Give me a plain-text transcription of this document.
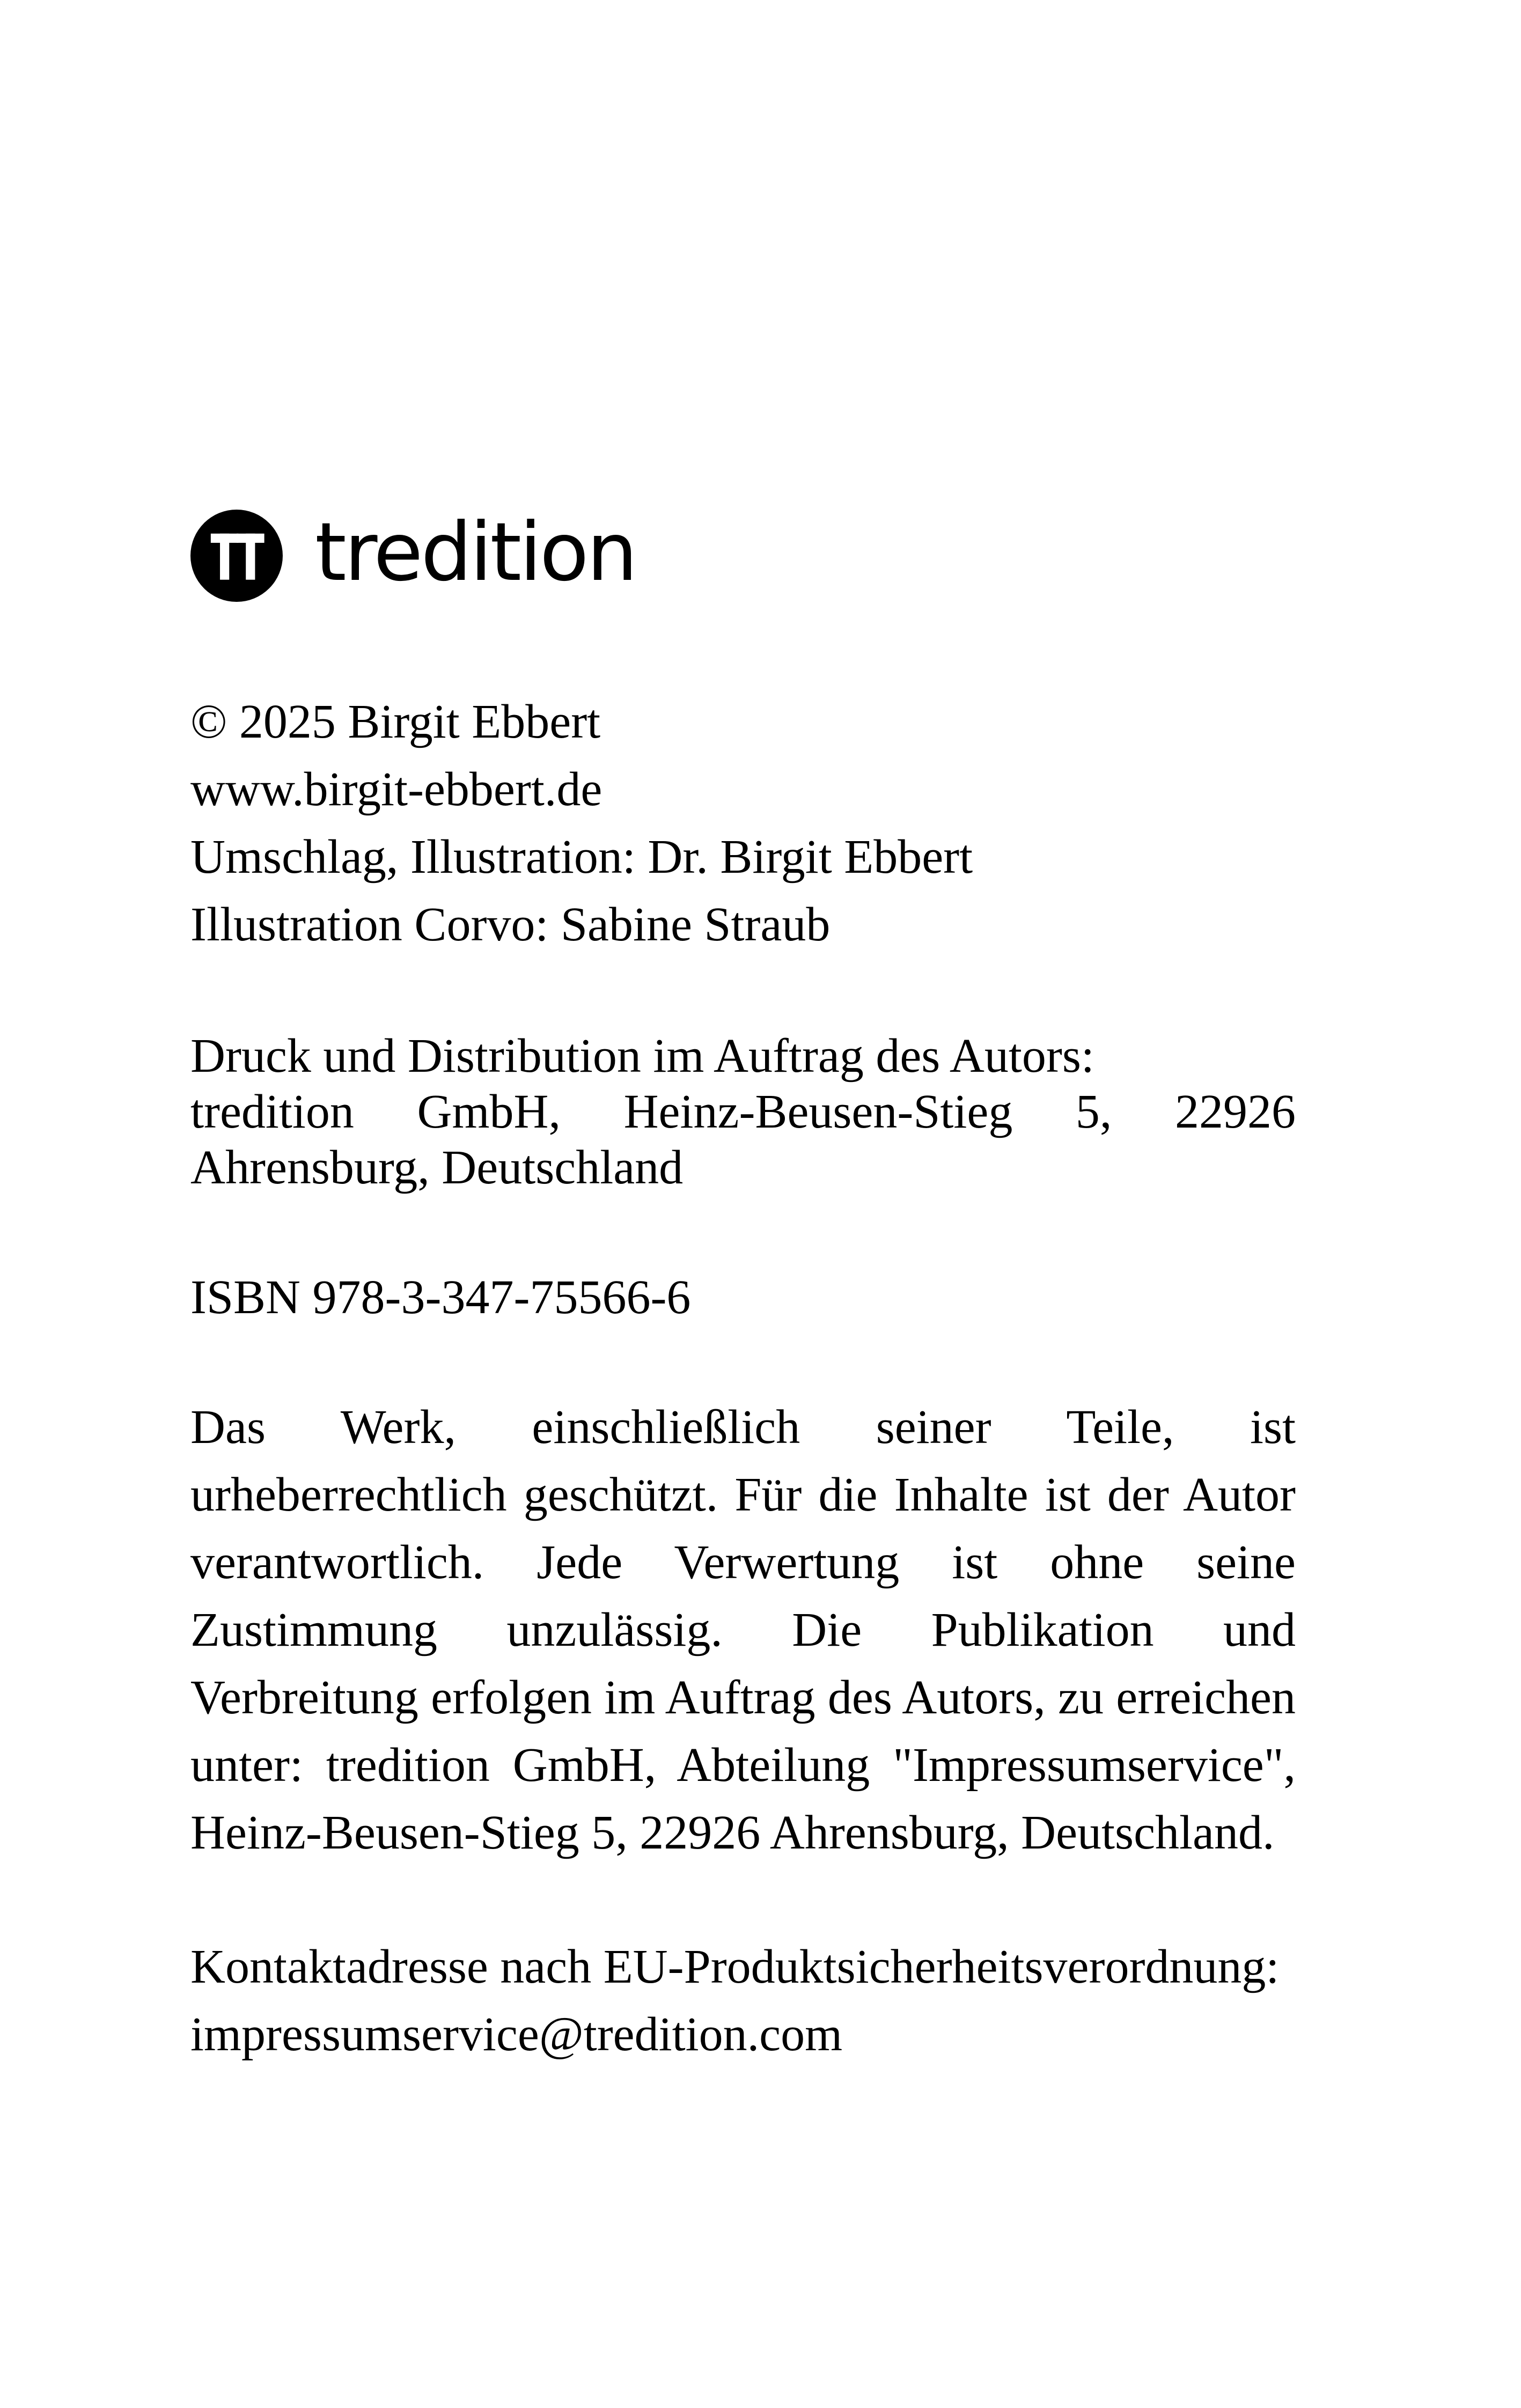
tredition
© 2025 Birgit Ebbert
www.birgit-ebbert.de
Umschlag, Illustration: Dr. Birgit Ebbert
Illustration Corvo: Sabine Straub
Druck und Distribution im Auftrag des Autors:

tredition GmbH, Heinz-Beusen-Stieg 5, 22926 Ahrensburg, Deutschland

ISBN 978-3-347-75566-6

Das Werk, einschließlich seiner Teile, ist urheberrechtlich geschützt. Für die Inhalte ist der Autor verantwortlich. Jede Verwertung ist ohne seine Zustimmung unzulässig. Die Publikation und Verbreitung erfolgen im Auftrag des Autors, zu erreichen unter: tredition GmbH, Abteilung "Impressumservice", Heinz-Beusen-Stieg 5, 22926 Ahrensburg, Deutschland.

Kontaktadresse nach EU-Produktsicherheitsverordnung:
impressumservice@tredition.com
